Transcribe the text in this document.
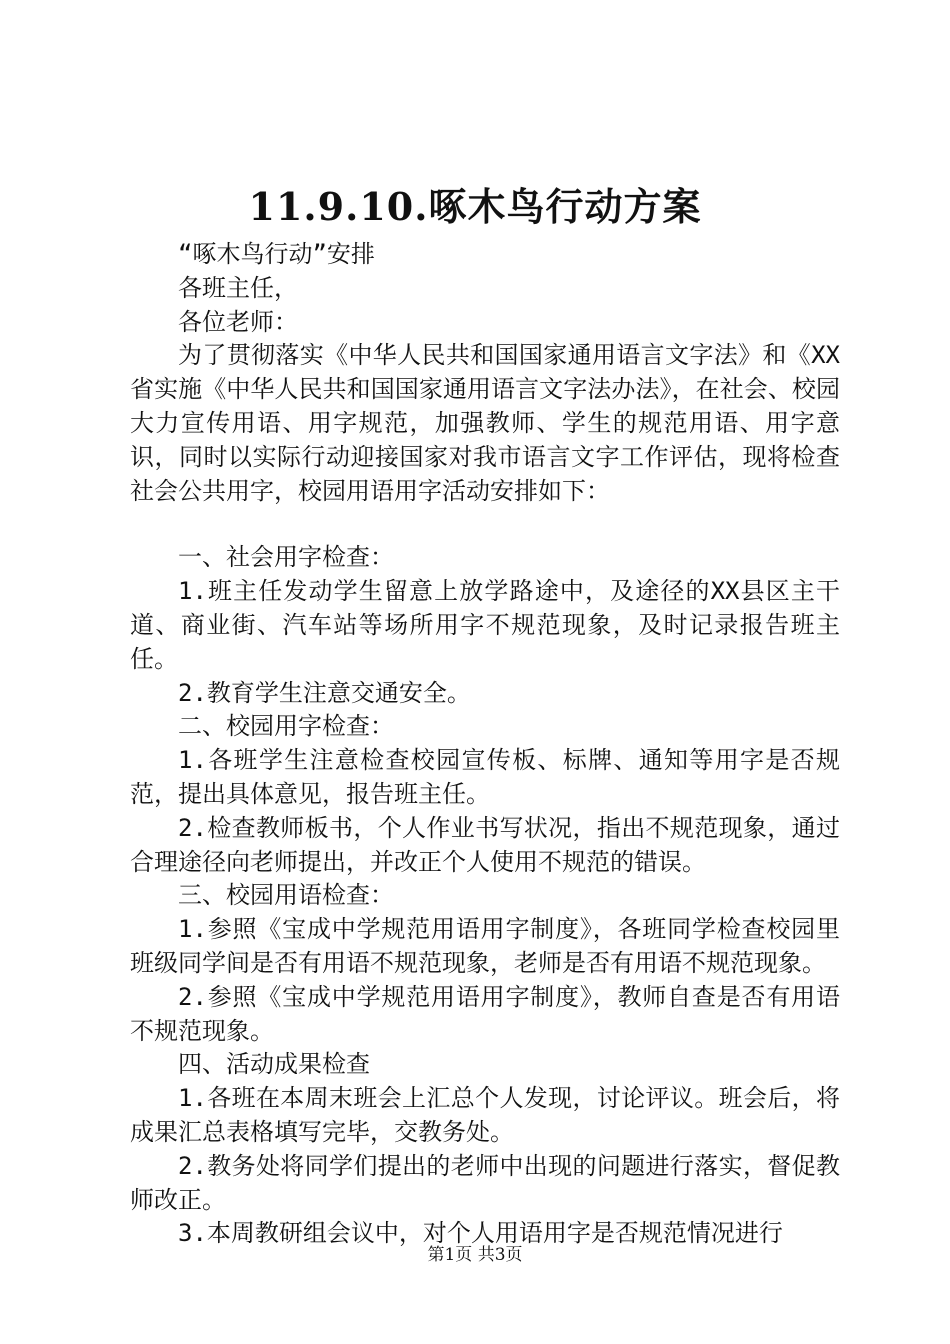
11.9.10.啄木鸟行动方案

“啄木鸟行动”安排

各班主任，

各位老师：

为了贯彻落实《中华人民共和国国家通用语言文字法》和《XX省实施《中华人民共和国国家通用语言文字法办法》，在社会、校园大力宣传用语、用字规范，加强教师、学生的规范用语、用字意识，同时以实际行动迎接国家对我市语言文字工作评估，现将检查社会公共用字，校园用语用字活动安排如下：

一、社会用字检查：

1.班主任发动学生留意上放学路途中，及途径的XX县区主干道、商业街、汽车站等场所用字不规范现象，及时记录报告班主任。

2.教育学生注意交通安全。

二、校园用字检查：

1.各班学生注意检查校园宣传板、标牌、通知等用字是否规范，提出具体意见，报告班主任。

2.检查教师板书，个人作业书写状况，指出不规范现象，通过合理途径向老师提出，并改正个人使用不规范的错误。

三、校园用语检查：

1.参照《宝成中学规范用语用字制度》，各班同学检查校园里班级同学间是否有用语不规范现象，老师是否有用语不规范现象。

2.参照《宝成中学规范用语用字制度》，教师自查是否有用语不规范现象。

四、活动成果检查

1.各班在本周末班会上汇总个人发现，讨论评议。班会后，将成果汇总表格填写完毕，交教务处。

2.教务处将同学们提出的老师中出现的问题进行落实，督促教师改正。

3.本周教研组会议中，对个人用语用字是否规范情况进行

第1页 共3页
